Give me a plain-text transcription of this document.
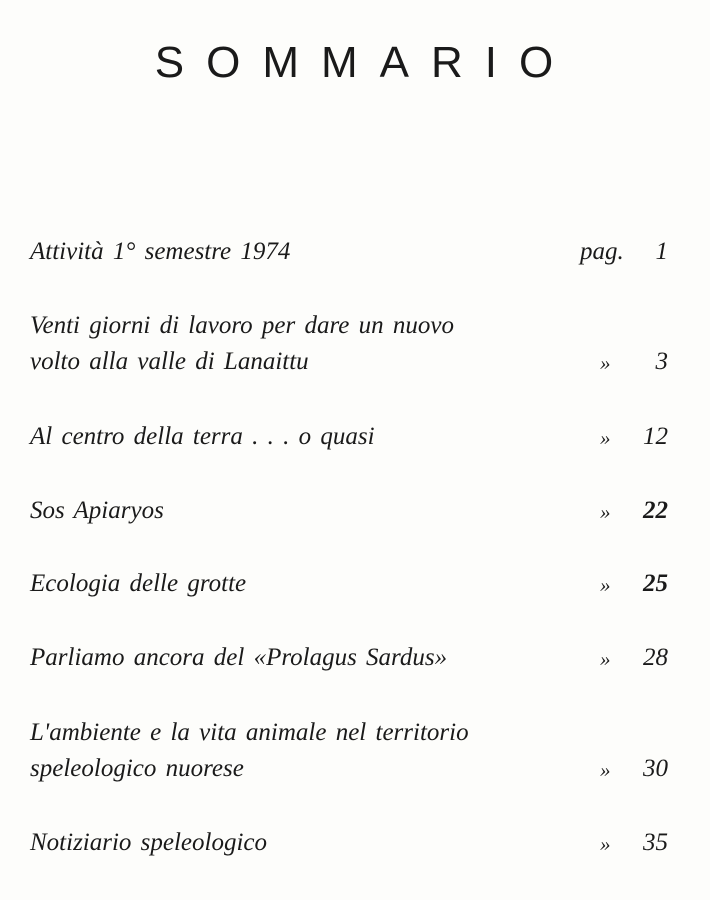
SOMMARIO
Attività 1° semestre 1974	pag.	1
Venti giorni di lavoro per dare un nuovo
volto alla valle di Lanaittu	»	3
Al centro della terra . . . o quasi	»	12
Sos Apiaryos	»	22
Ecologia delle grotte	»	25
Parliamo ancora del «Prolagus Sardus»	»	28
L'ambiente e la vita animale nel territorio
speleologico nuorese	»	30
Notiziario speleologico	»	35
